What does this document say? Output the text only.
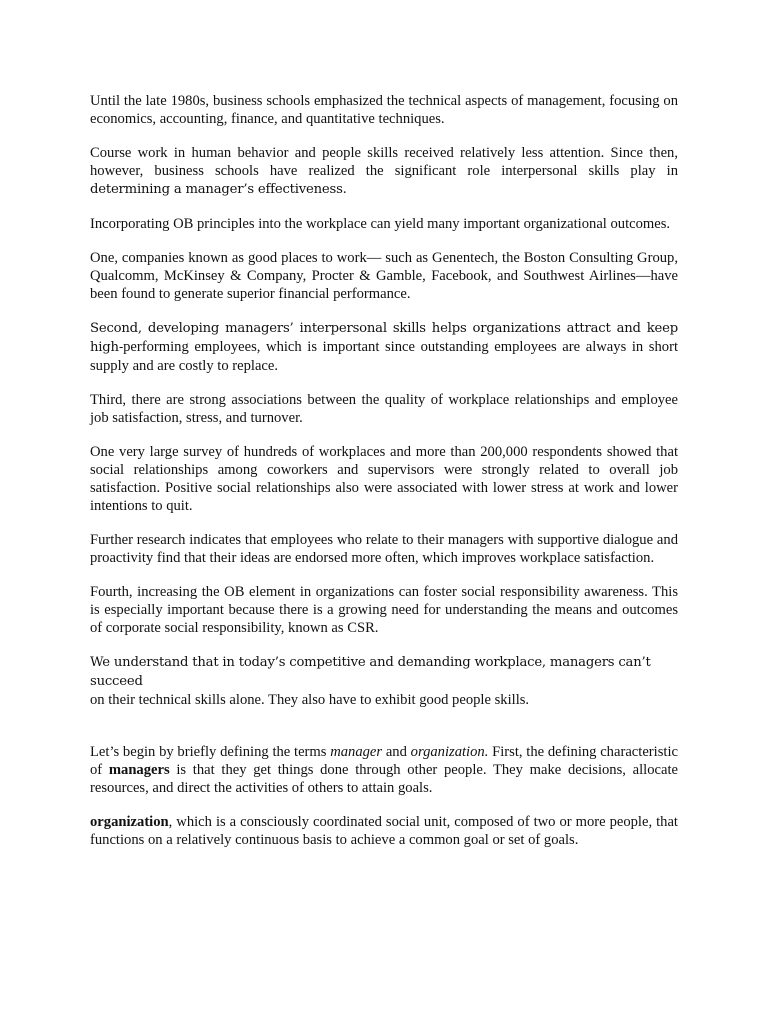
Until the late 1980s, business schools emphasized the technical aspects of management, focusing on economics, accounting, finance, and quantitative techniques.

Course work in human behavior and people skills received relatively less attention. Since then, however, business schools have realized the significant role interpersonal skills play in determining a manager’s effectiveness.

Incorporating OB principles into the workplace can yield many important organizational outcomes.

One, companies known as good places to work— such as Genentech, the Boston Consulting Group, Qualcomm, McKinsey & Company, Procter & Gamble, Facebook, and Southwest Airlines—have been found to generate superior financial performance.

Second, developing managers’ interpersonal skills helps organizations attract and keep high-performing employees, which is important since outstanding employees are always in short supply and are costly to replace.

Third, there are strong associations between the quality of workplace relationships and employee job satisfaction, stress, and turnover.

One very large survey of hundreds of workplaces and more than 200,000 respondents showed that social relationships among coworkers and supervisors were strongly related to overall job satisfaction. Positive social relationships also were associated with lower stress at work and lower intentions to quit.

Further research indicates that employees who relate to their managers with supportive dialogue and proactivity find that their ideas are endorsed more often, which improves workplace satisfaction.

Fourth, increasing the OB element in organizations can foster social responsibility awareness. This is especially important because there is a growing need for understanding the means and outcomes of corporate social responsibility, known as CSR.

We understand that in today’s competitive and demanding workplace, managers can’t succeed
on their technical skills alone. They also have to exhibit good people skills.

Let’s begin by briefly defining the terms manager and organization. First, the defining characteristic of managers is that they get things done through other people. They make decisions, allocate resources, and direct the activities of others to attain goals.

organization, which is a consciously coordinated social unit, composed of two or more people, that functions on a relatively continuous basis to achieve a common goal or set of goals.
